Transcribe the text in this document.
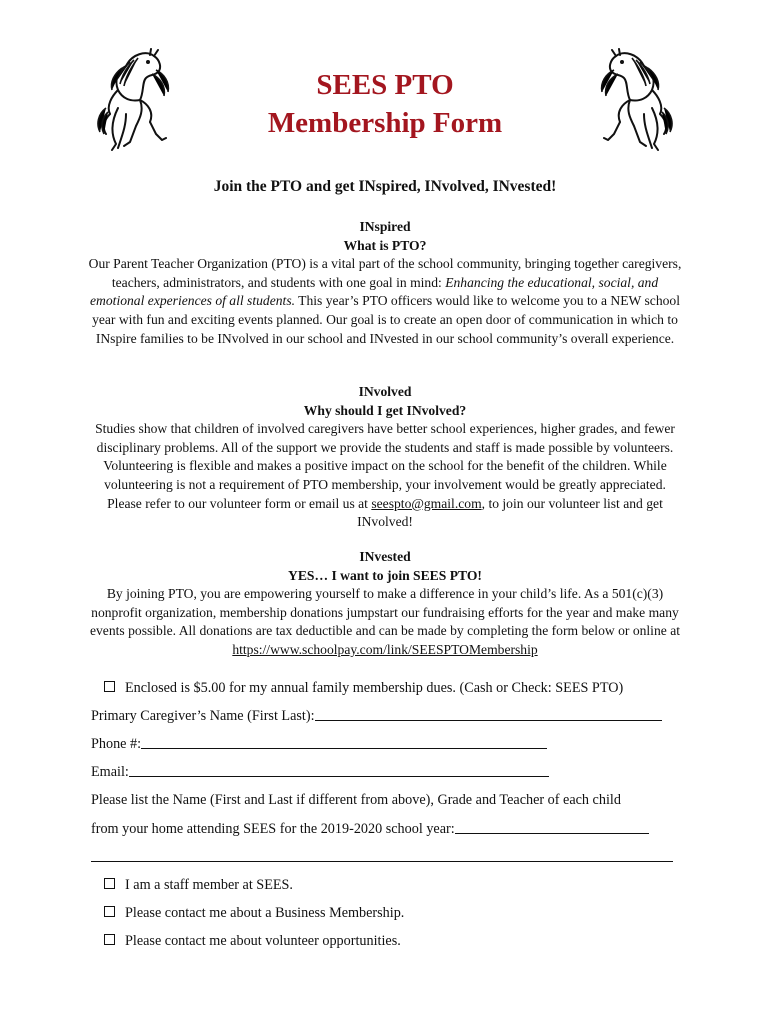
SEES PTO
Membership Form
Join the PTO and get INspired, INvolved, INvested!
INspired
What is PTO?
Our Parent Teacher Organization (PTO) is a vital part of the school community, bringing together caregivers, teachers, administrators, and students with one goal in mind: Enhancing the educational, social, and emotional experiences of all students. This year’s PTO officers would like to welcome you to a NEW school year with fun and exciting events planned. Our goal is to create an open door of communication in which to INspire families to be INvolved in our school and INvested in our school community’s overall experience.
INvolved
Why should I get INvolved?
Studies show that children of involved caregivers have better school experiences, higher grades, and fewer disciplinary problems. All of the support we provide the students and staff is made possible by volunteers. Volunteering is flexible and makes a positive impact on the school for the benefit of the children. While volunteering is not a requirement of PTO membership, your involvement would be greatly appreciated. Please refer to our volunteer form or email us at seespto@gmail.com, to join our volunteer list and get INvolved!
INvested
YES… I want to join SEES PTO!
By joining PTO, you are empowering yourself to make a difference in your child’s life. As a 501(c)(3) nonprofit organization, membership donations jumpstart our fundraising efforts for the year and make many events possible. All donations are tax deductible and can be made by completing the form below or online at https://www.schoolpay.com/link/SEESPTOMembership
Enclosed is $5.00 for my annual family membership dues. (Cash or Check: SEES PTO)
Primary Caregiver’s Name (First Last):
Phone #:
Email:
Please list the Name (First and Last if different from above), Grade and Teacher of each child
from your home attending SEES for the 2019-2020 school year:
I am a staff member at SEES.
Please contact me about a Business Membership.
Please contact me about volunteer opportunities.
